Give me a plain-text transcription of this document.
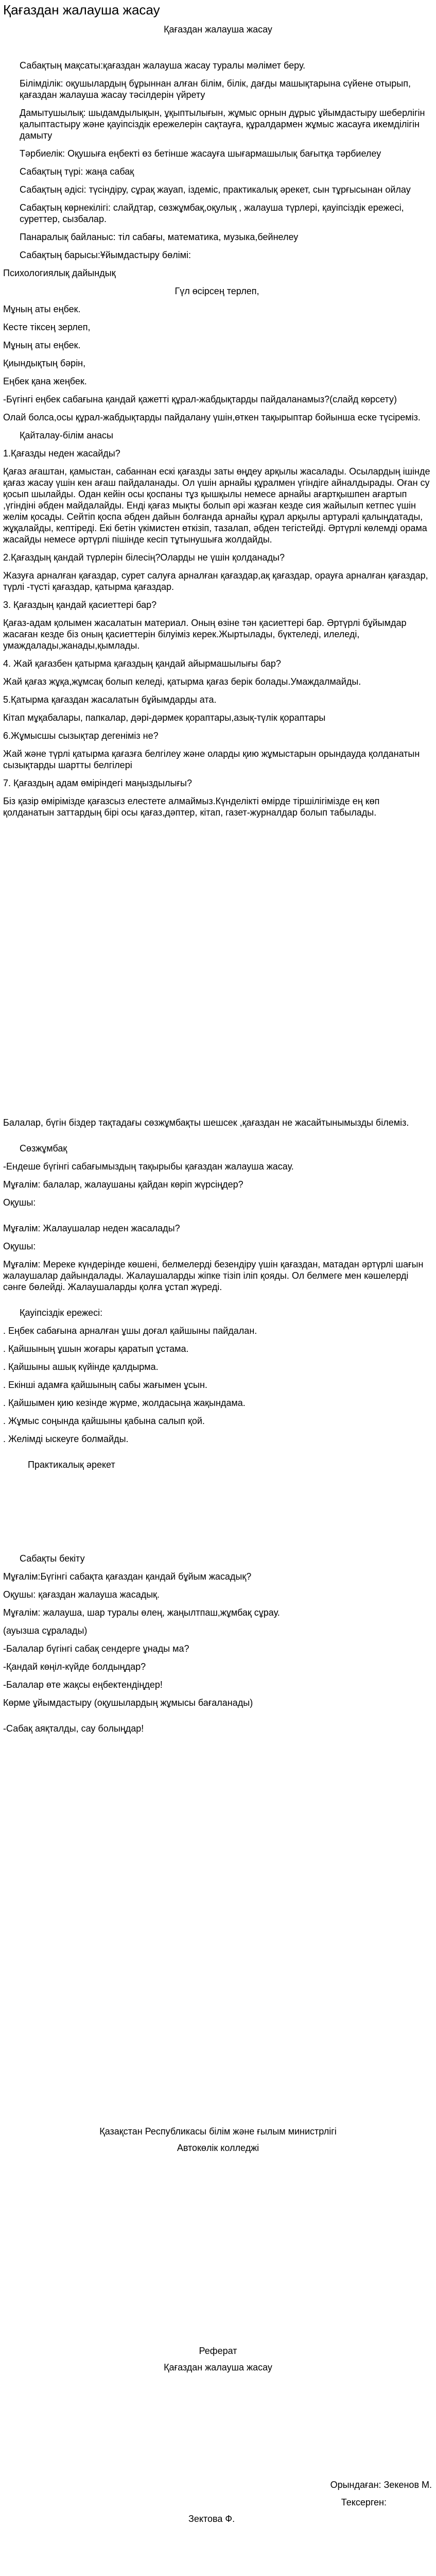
Қағаздан жалауша жасау
Қағаздан жалауша жасау

Сабақтың мақсаты:қағаздан жалауша жасау туралы мәлімет беру.

Білімділік: оқушылардың бұрыннан алған білім, білік, дағды машықтарына сүйене отырып, қағаздан жалауша жасау тәсілдерін үйрету

Дамытушылық: шыдамдылықын, ұқыптылығын, жұмыс орнын дұрыс ұйымдастыру шеберлігін қалыптастыру және қауіпсіздік ережелерін сақтауға, құралдармен жұмыс жасауға икемділігін дамыту

Тәрбиелік: Оқушыға еңбекті өз бетінше жасауға шығармашылық бағытқа тәрбиелеу

Сабақтың түрі: жаңа сабақ

Сабақтың әдісі: түсіндіру, сұрақ жауап, іздеміс, практикалық әрекет, сын тұрғысынан ойлау

Сабақтың көрнекілігі: слайдтар, сөзжұмбақ,оқулық , жалауша түрлері, қауіпсіздік ережесі, суреттер, сызбалар.

Панаралық байланыс: тіл сабағы, математика, музыка,бейнелеу

Сабақтың барысы:Ұйымдастыру бөлімі:

Психологиялық дайындық

Гүл өсірсең терлеп,

Мұның аты еңбек.

Кесте тіксең зерлеп,

Мұның аты еңбек.

Қиындықтың бәрін,

Еңбек қана жеңбек.

-Бүгінгі еңбек сабағына қандай қажетті құрал-жабдықтарды пайдаланамыз?(слайд көрсету)

Олай болса,осы құрал-жабдықтарды пайдалану үшін,өткен тақырыптар бойынша еске түсіреміз.

Қайталау-білім анасы

1.Қағазды неден жасайды?

Қағаз ағаштан, қамыстан, сабаннан ескі қағазды заты өңдеу арқылы жасалады. Осылардың ішінде қағаз жасау үшін кен ағаш пайдаланады. Ол үшін арнайы құралмен үгіндіге айналдырады. Оған су қосып шылайды. Одан кейін осы қоспаны тұз қышқылы немесе арнайы ағартқышпен ағартып ,үгіндіні әбден майдалайды. Енді қағаз мықты болып әрі жазған кезде сия жайылып кетпес үшін желім қосады. Сейтіп қоспа әбден дайын болғанда арнайы құрал арқылы артуралі қалыңдатады, жұқалайды, кептіреді. Екі бетін үкімистен өткізіп, тазалап, әбден тегістейді. Әртүрлі көлемді орама жасайды немесе әртүрлі пішінде кесіп тұтынушыға жолдайды.

2.Қағаздың қандай түрлерін білесің?Оларды не үшін қолданады?

Жазуға арналған қағаздар, сурет салуға арналған қағаздар,ақ қағаздар, орауға арналған қағаздар, түрлі -түсті қағаздар, қатырма қағаздар.

3. Қағаздың қандай қасиеттері бар?

Қағаз-адам қолымен жасалатын материал. Оның өзіне тән қасиеттері бар. Әртүрлі бұйымдар жасаған кезде біз оның қасиеттерін білуіміз керек.Жыртылады, бүктеледі, илеледі, умаждалады,жанады,қымлады.

4. Жай қағазбен қатырма қағаздың қандай айырмашылығы бар?

Жай қағаз жұқа,жұмсақ болып келеді, қатырма қағаз берік болады.Умаждалмайды.

5.Қатырма қағаздан жасалатын бұйымдарды ата.

Кітап мұқабалары, папкалар, дәрі-дәрмек қораптары,азық-түлік қораптары

6.Жұмысшы сызықтар дегеніміз не?

Жай және түрлі қатырма қағазға белгілеу және оларды қию жұмыстарын орындауда қолданатын сызықтарды шартты белгілері

7. Қағаздың адам өміріндегі маңыздылығы?

Біз қазір өміріміздe қағазсыз елестете алмаймыз.Күнделікті өмірде тіршілігімізде ең көп қолданатын заттардың бірі осы қағаз,дәптер, кітап, газет-журналдар болып табылады.

Балалар, бүгін біздер тақтадағы сөзжұмбақты шешсек ,қағаздан не жасайтынымызды білеміз.

Сөзжұмбақ

-Ендеше бүгінгі сабағымыздың тақырыбы қағаздан жалауша жасау.

Мұғалім: балалар, жалаушаны қайдан көріп жүрсіңдер?

Оқушы:

Мұғалім: Жалаушалар неден жасалады?

Оқушы:

Мұғалім: Мереке күндерінде көшені, белмелерді безендіру үшін қағаздан, матадан әртүрлі шағын жалаушалар дайындалады. Жалаушаларды жіпке тізіп іліп қояды. Ол белмеге мен кәшелерді сәнге бөлейді. Жалаушаларды қолға ұстап жүреді.

Қауіпсіздік ережесі:

. Еңбек сабағына арналған ұшы доғал қайшыны пайдалан.

. Қайшының ұшын жоғары қаратып ұстама.

. Қайшыны ашық күйінде қалдырма.

. Екінші адамға қайшының сабы жағымен ұсын.

. Қайшымен қию кезінде жүрме, жолдасыңа жақындама.

. Жұмыс соңында қайшыны қабына салып қой.

. Желімді ыскеуге болмайды.

Практикалық әрекет

Сабақты бекіту

Мұғалім:Бүгінгі сабақта қағаздан қандай бұйым жасадық?

Оқушы: қағаздан жалауша жасадық.

Мұғалім: жалауша, шар туралы өлең, жаңылтпаш,жұмбақ сұрау.

(ауызша сұралады)

-Балалар бүгінгі сабақ сендерге ұнады ма?

-Қандай көңіл-күйде болдыңдар?

-Балалар өте жақсы еңбектендіңдер!

Көрме ұйымдастыру (оқушылардың жұмысы бағаланады)

-Сабақ аяқталды, сау болыңдар!

Қазақстан Республикасы білім және ғылым министрлігі
Автокөлік колледжі
Реферат
Қағаздан жалауша жасау
Орындаған: Зекенов М.
Тексерген:
Зектова Ф.
